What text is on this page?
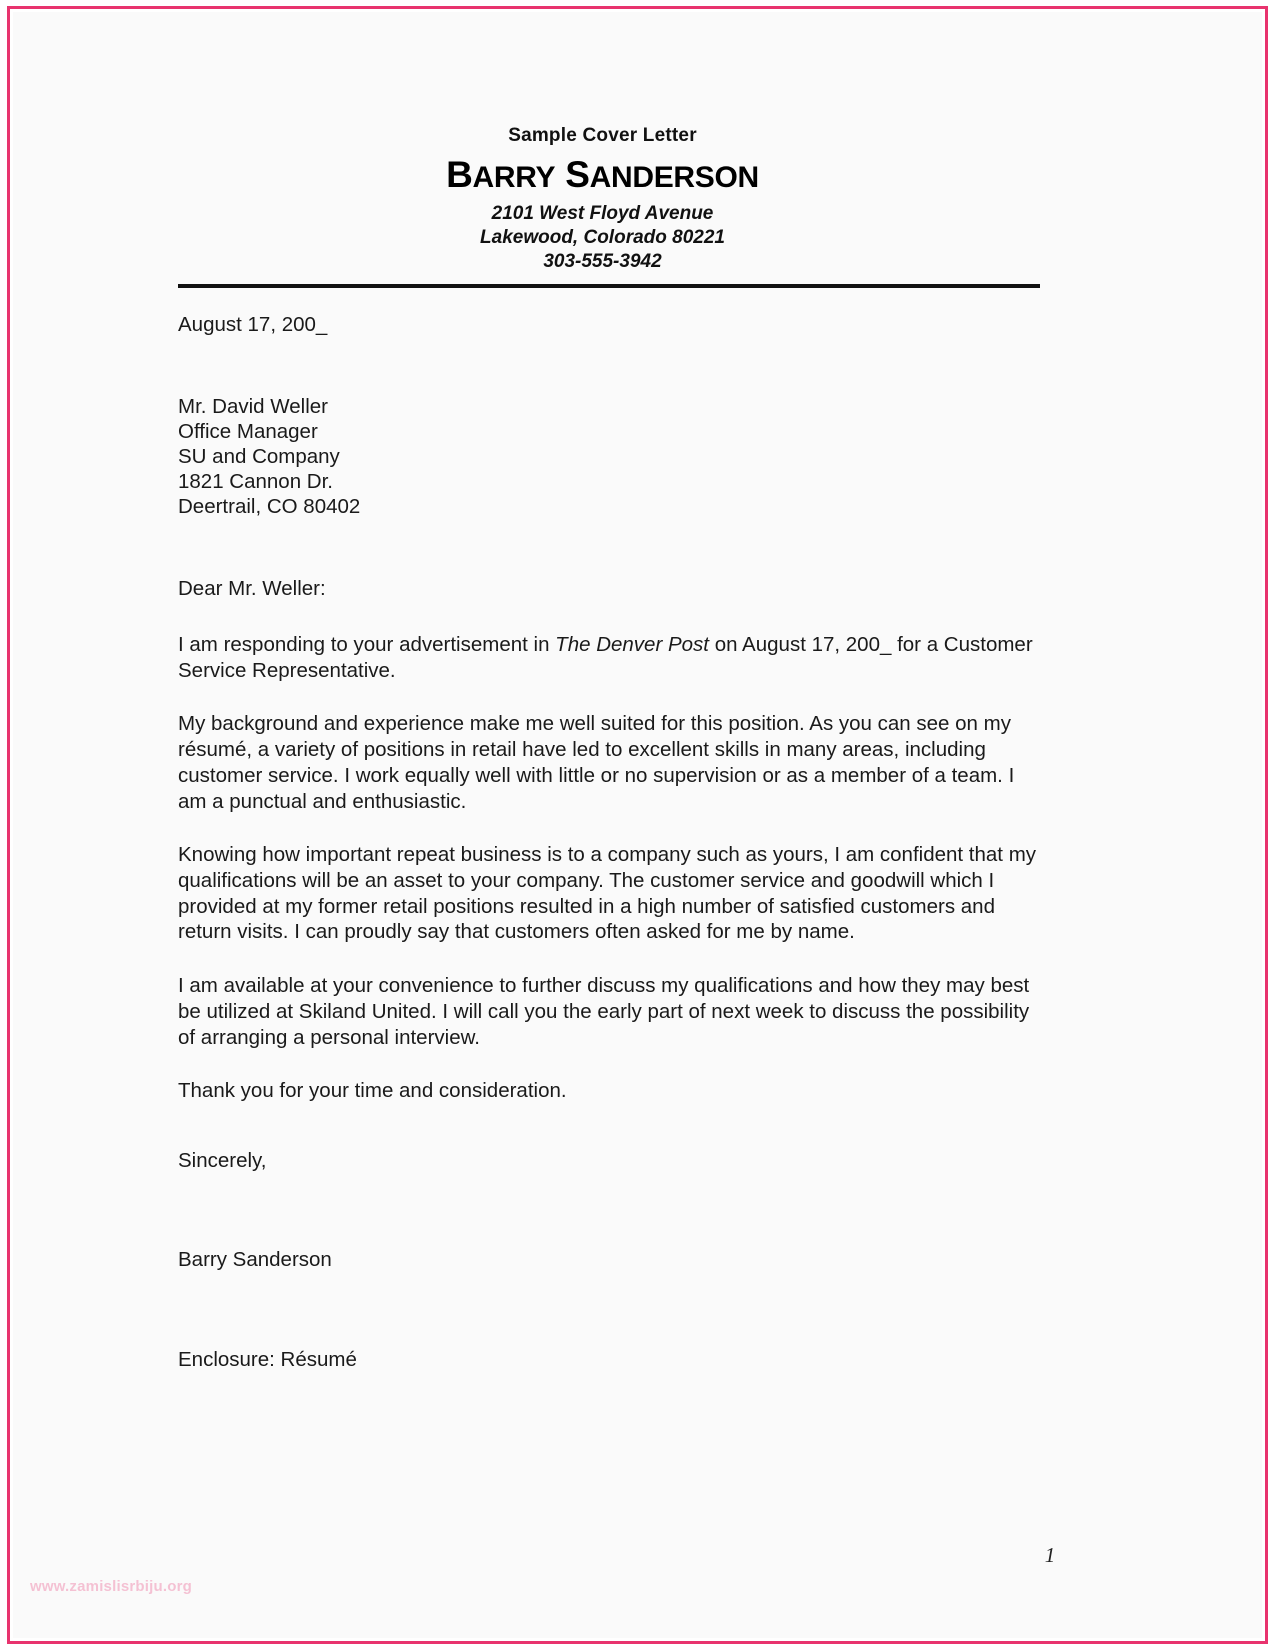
Sample Cover Letter
BARRY SANDERSON
2101 West Floyd Avenue
Lakewood, Colorado 80221
303-555-3942
August 17, 200_
Mr. David Weller
Office Manager
SU and Company
1821 Cannon Dr.
Deertrail, CO 80402
Dear Mr. Weller:

I am responding to your advertisement in The Denver Post on August 17, 200_ for a Customer Service Representative.

My background and experience make me well suited for this position. As you can see on my résumé, a variety of positions in retail have led to excellent skills in many areas, including customer service. I work equally well with little or no supervision or as a member of a team. I am a punctual and enthusiastic.

Knowing how important repeat business is to a company such as yours, I am confident that my qualifications will be an asset to your company. The customer service and goodwill which I provided at my former retail positions resulted in a high number of satisfied customers and return visits. I can proudly say that customers often asked for me by name.

I am available at your convenience to further discuss my qualifications and how they may best be utilized at Skiland United. I will call you the early part of next week to discuss the possibility of arranging a personal interview.

Thank you for your time and consideration.

Sincerely,
Barry Sanderson
Enclosure: Résumé
1
www.zamislisrbiju.org
